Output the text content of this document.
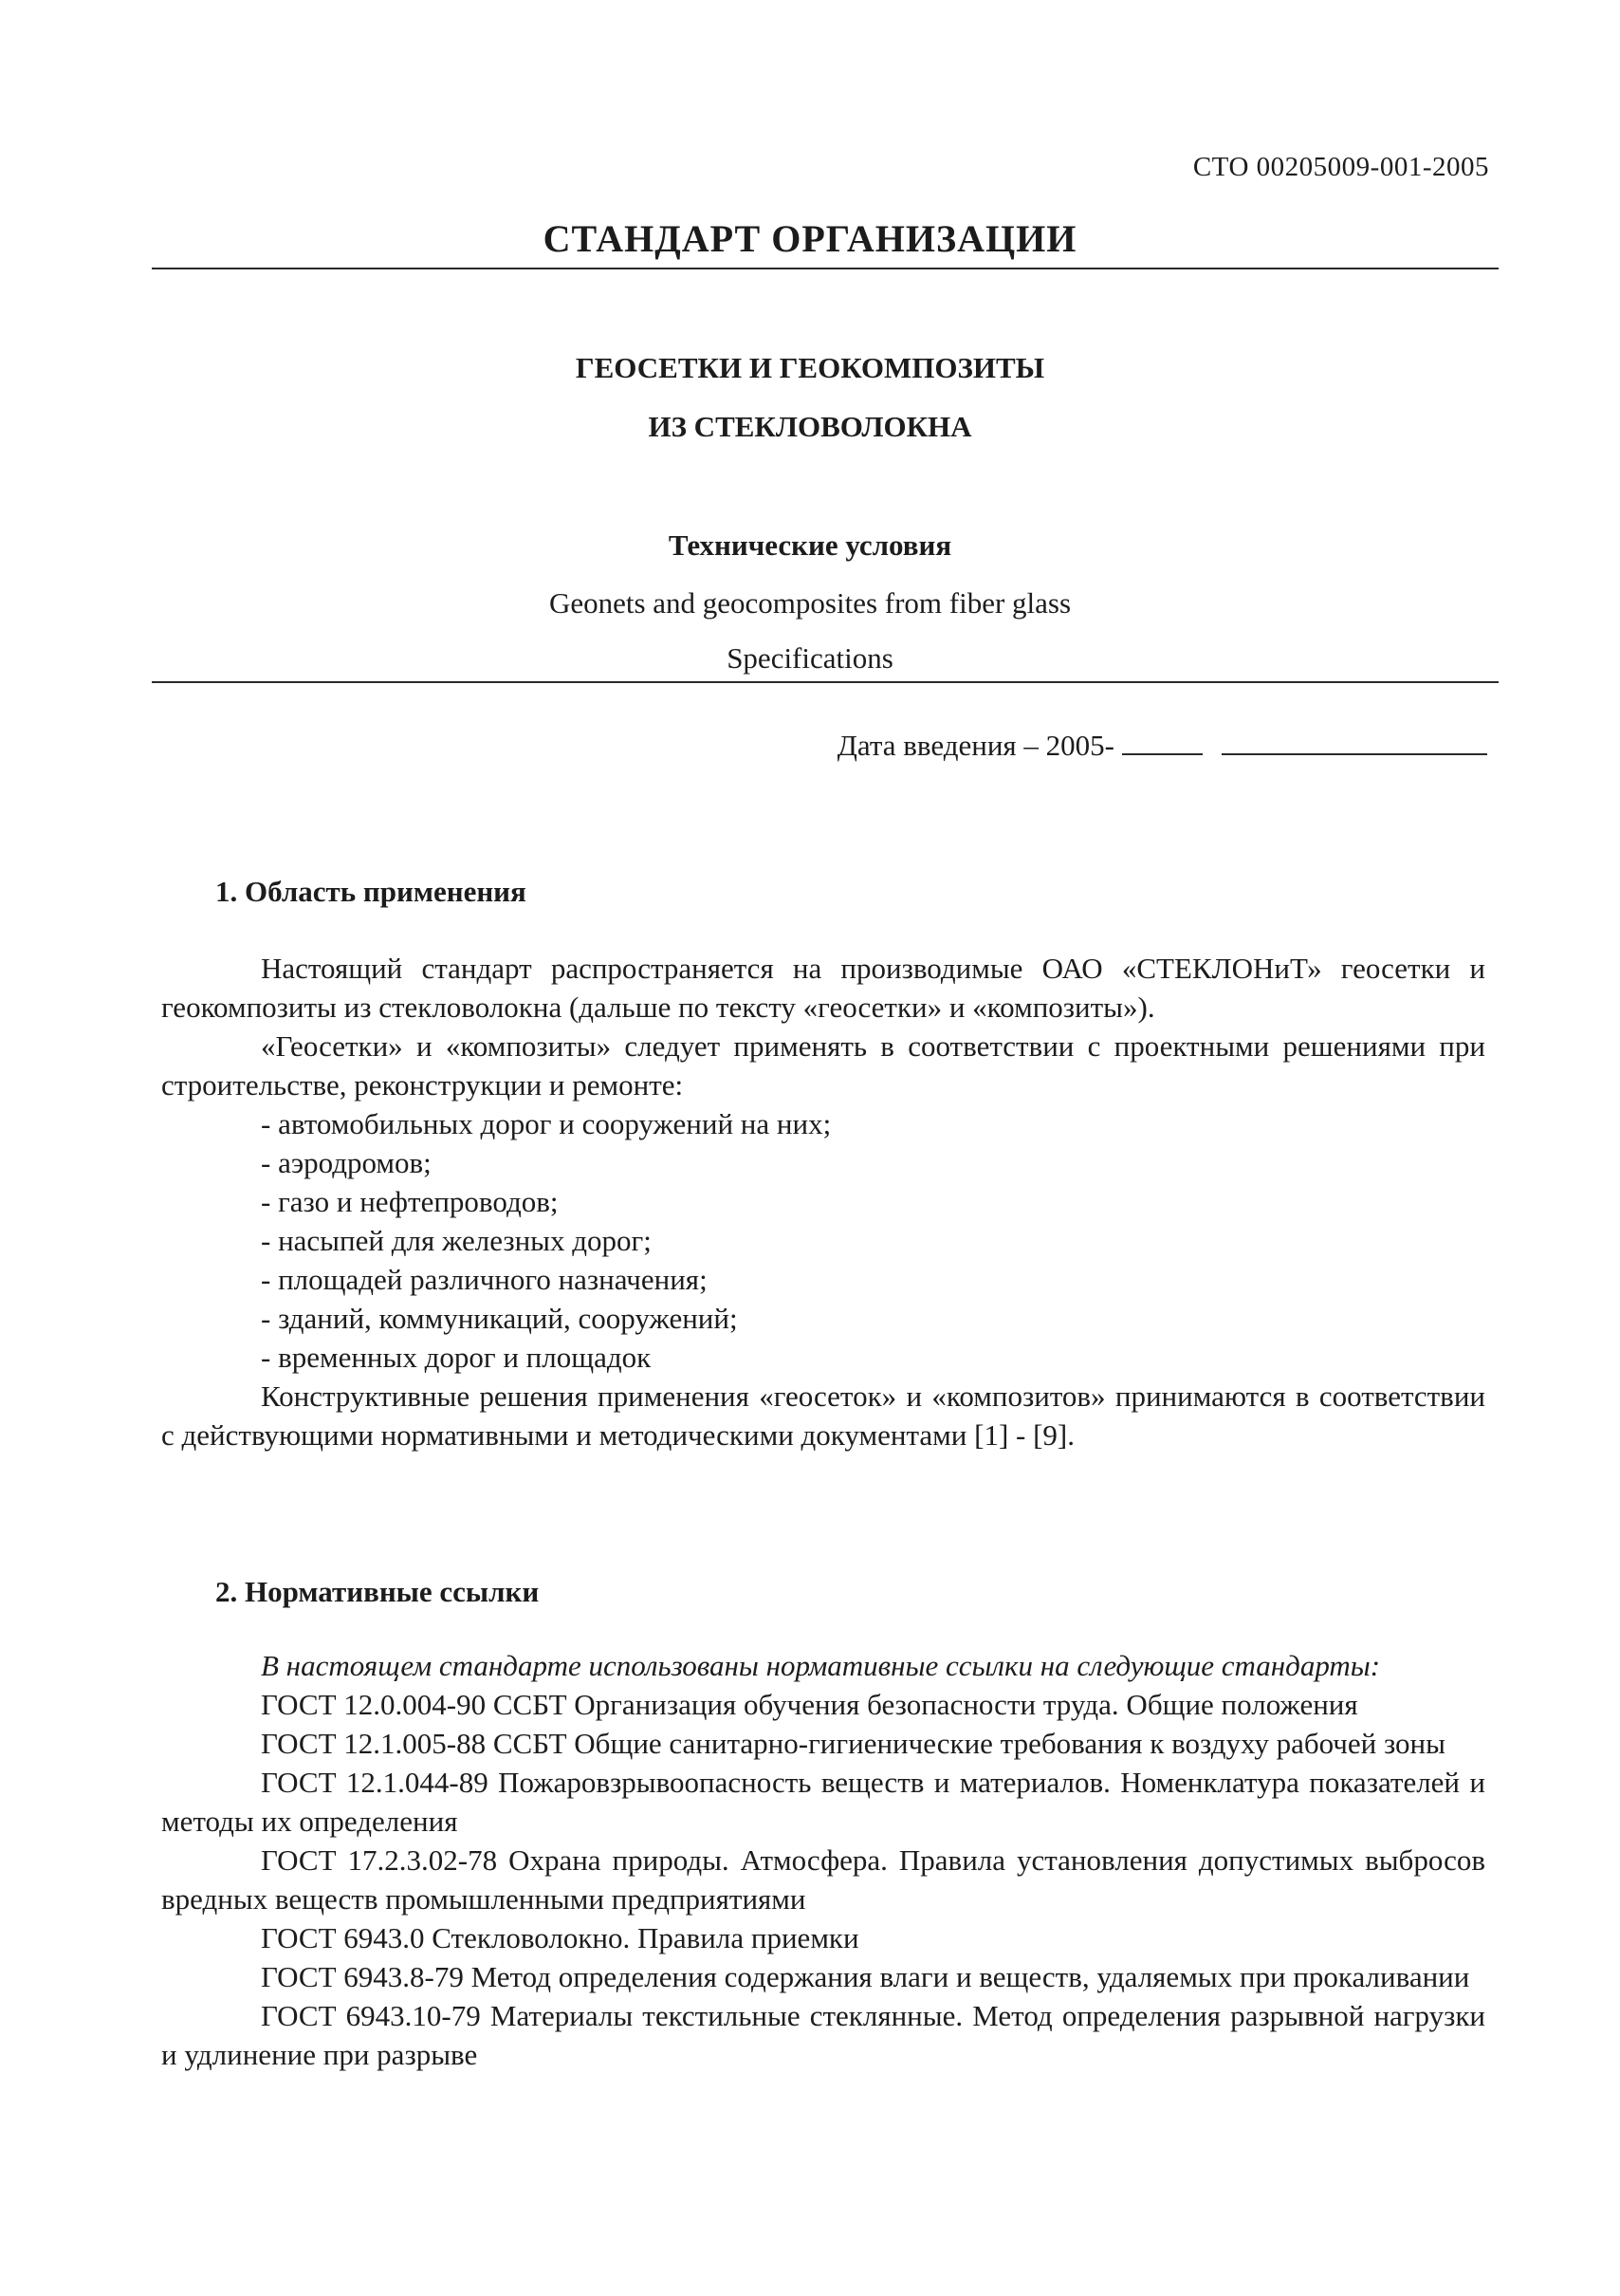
СТО 00205009-001-2005
СТАНДАРТ ОРГАНИЗАЦИИ
ГЕОСЕТКИ И ГЕОКОМПОЗИТЫ
ИЗ СТЕКЛОВОЛОКНА
Технические условия
Geonets and geocomposites from fiber glass
Specifications
Дата введения – 2005-
1. Область применения

Настоящий стандарт распространяется на производимые ОАО «СТЕКЛОНиТ» геосетки и геокомпозиты из стекловолокна (дальше по тексту «геосетки» и «композиты»).

«Геосетки» и «композиты» следует применять в соответствии с проектными решениями при строительстве, реконструкции и ремонте:

- автомобильных дорог и сооружений на них;

- аэродромов;

- газо и нефтепроводов;

- насыпей для железных дорог;

- площадей различного назначения;

- зданий, коммуникаций, сооружений;

- временных дорог и площадок

Конструктивные решения применения «геосеток» и «композитов» принимаются в соответствии с действующими нормативными и методическими документами [1] - [9].

2. Нормативные ссылки

В настоящем стандарте использованы нормативные ссылки на следующие стандарты:

ГОСТ 12.0.004-90 ССБТ Организация обучения безопасности труда. Общие положения

ГОСТ 12.1.005-88 ССБТ Общие санитарно-гигиенические требования к воздуху рабочей зоны

ГОСТ 12.1.044-89 Пожаровзрывоопасность веществ и материалов. Номенклатура показателей и методы их определения

ГОСТ 17.2.3.02-78 Охрана природы. Атмосфера. Правила установления допустимых выбросов вредных веществ промышленными предприятиями

ГОСТ 6943.0 Стекловолокно. Правила приемки

ГОСТ 6943.8-79 Метод определения содержания влаги и веществ, удаляемых при прокаливании

ГОСТ 6943.10-79 Материалы текстильные стеклянные. Метод определения разрывной нагрузки и удлинение при разрыве
